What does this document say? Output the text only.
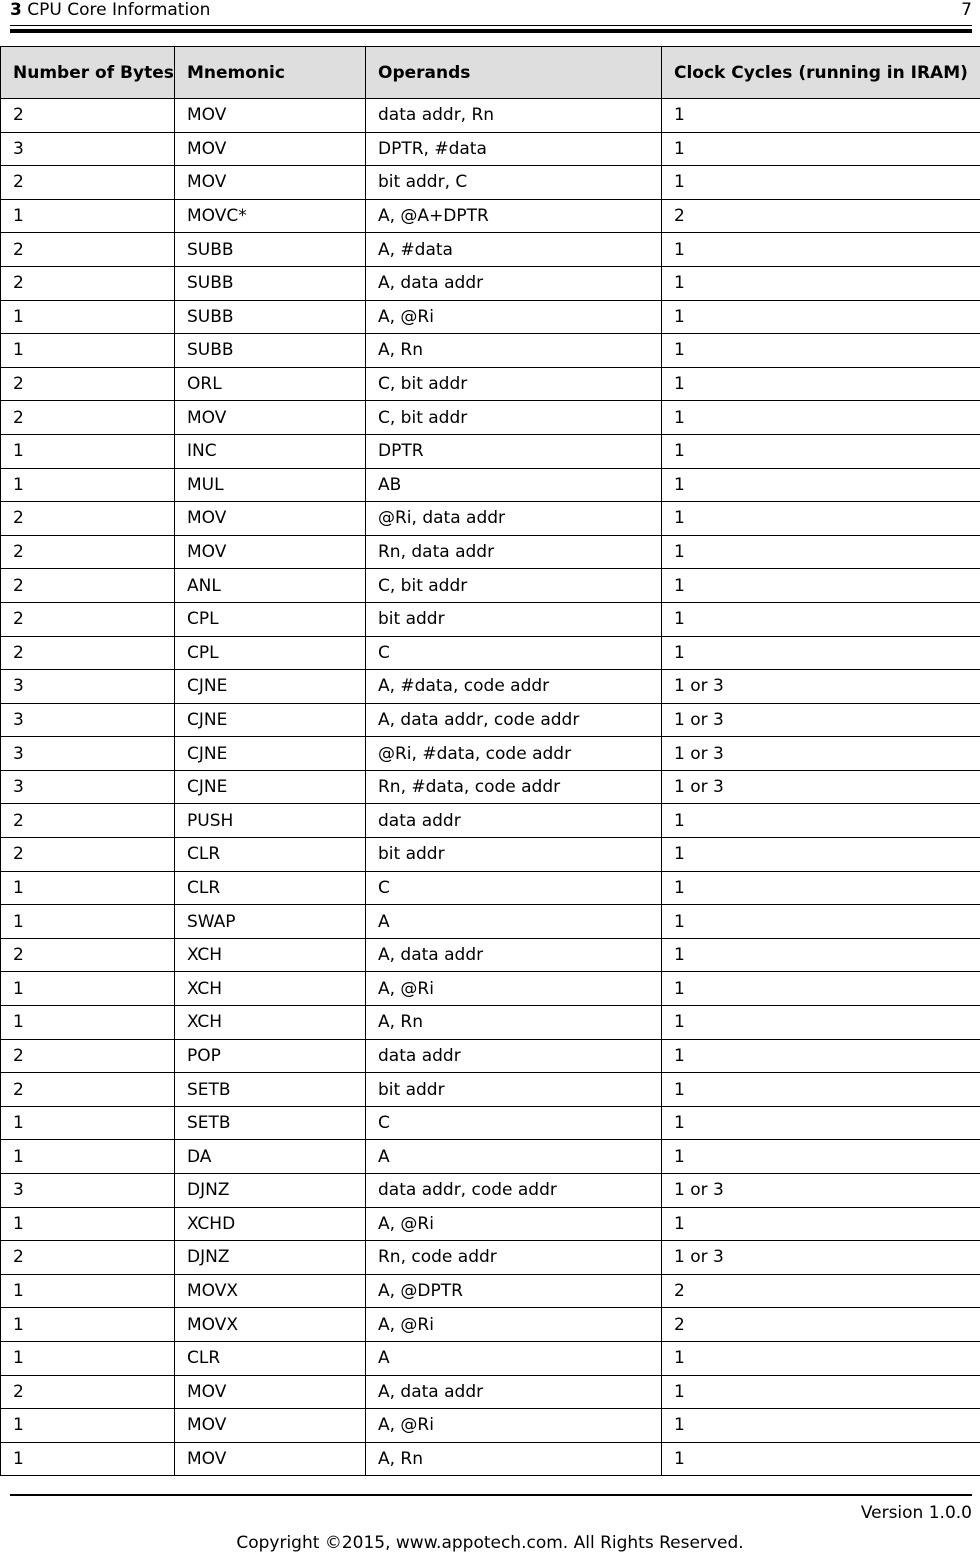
3 CPU Core Information	7
Number of Bytes	Mnemonic	Operands	Clock Cycles (running in IRAM)
2	MOV	data addr, Rn	1
3	MOV	DPTR, #data	1
2	MOV	bit addr, C	1
1	MOVC*	A, @A+DPTR	2
2	SUBB	A, #data	1
2	SUBB	A, data addr	1
1	SUBB	A, @Ri	1
1	SUBB	A, Rn	1
2	ORL	C, bit addr	1
2	MOV	C, bit addr	1
1	INC	DPTR	1
1	MUL	AB	1
2	MOV	@Ri, data addr	1
2	MOV	Rn, data addr	1
2	ANL	C, bit addr	1
2	CPL	bit addr	1
2	CPL	C	1
3	CJNE	A, #data, code addr	1 or 3
3	CJNE	A, data addr, code addr	1 or 3
3	CJNE	@Ri, #data, code addr	1 or 3
3	CJNE	Rn, #data, code addr	1 or 3
2	PUSH	data addr	1
2	CLR	bit addr	1
1	CLR	C	1
1	SWAP	A	1
2	XCH	A, data addr	1
1	XCH	A, @Ri	1
1	XCH	A, Rn	1
2	POP	data addr	1
2	SETB	bit addr	1
1	SETB	C	1
1	DA	A	1
3	DJNZ	data addr, code addr	1 or 3
1	XCHD	A, @Ri	1
2	DJNZ	Rn, code addr	1 or 3
1	MOVX	A, @DPTR	2
1	MOVX	A, @Ri	2
1	CLR	A	1
2	MOV	A, data addr	1
1	MOV	A, @Ri	1
1	MOV	A, Rn	1
Version 1.0.0
Copyright ©2015, www.appotech.com. All Rights Reserved.
